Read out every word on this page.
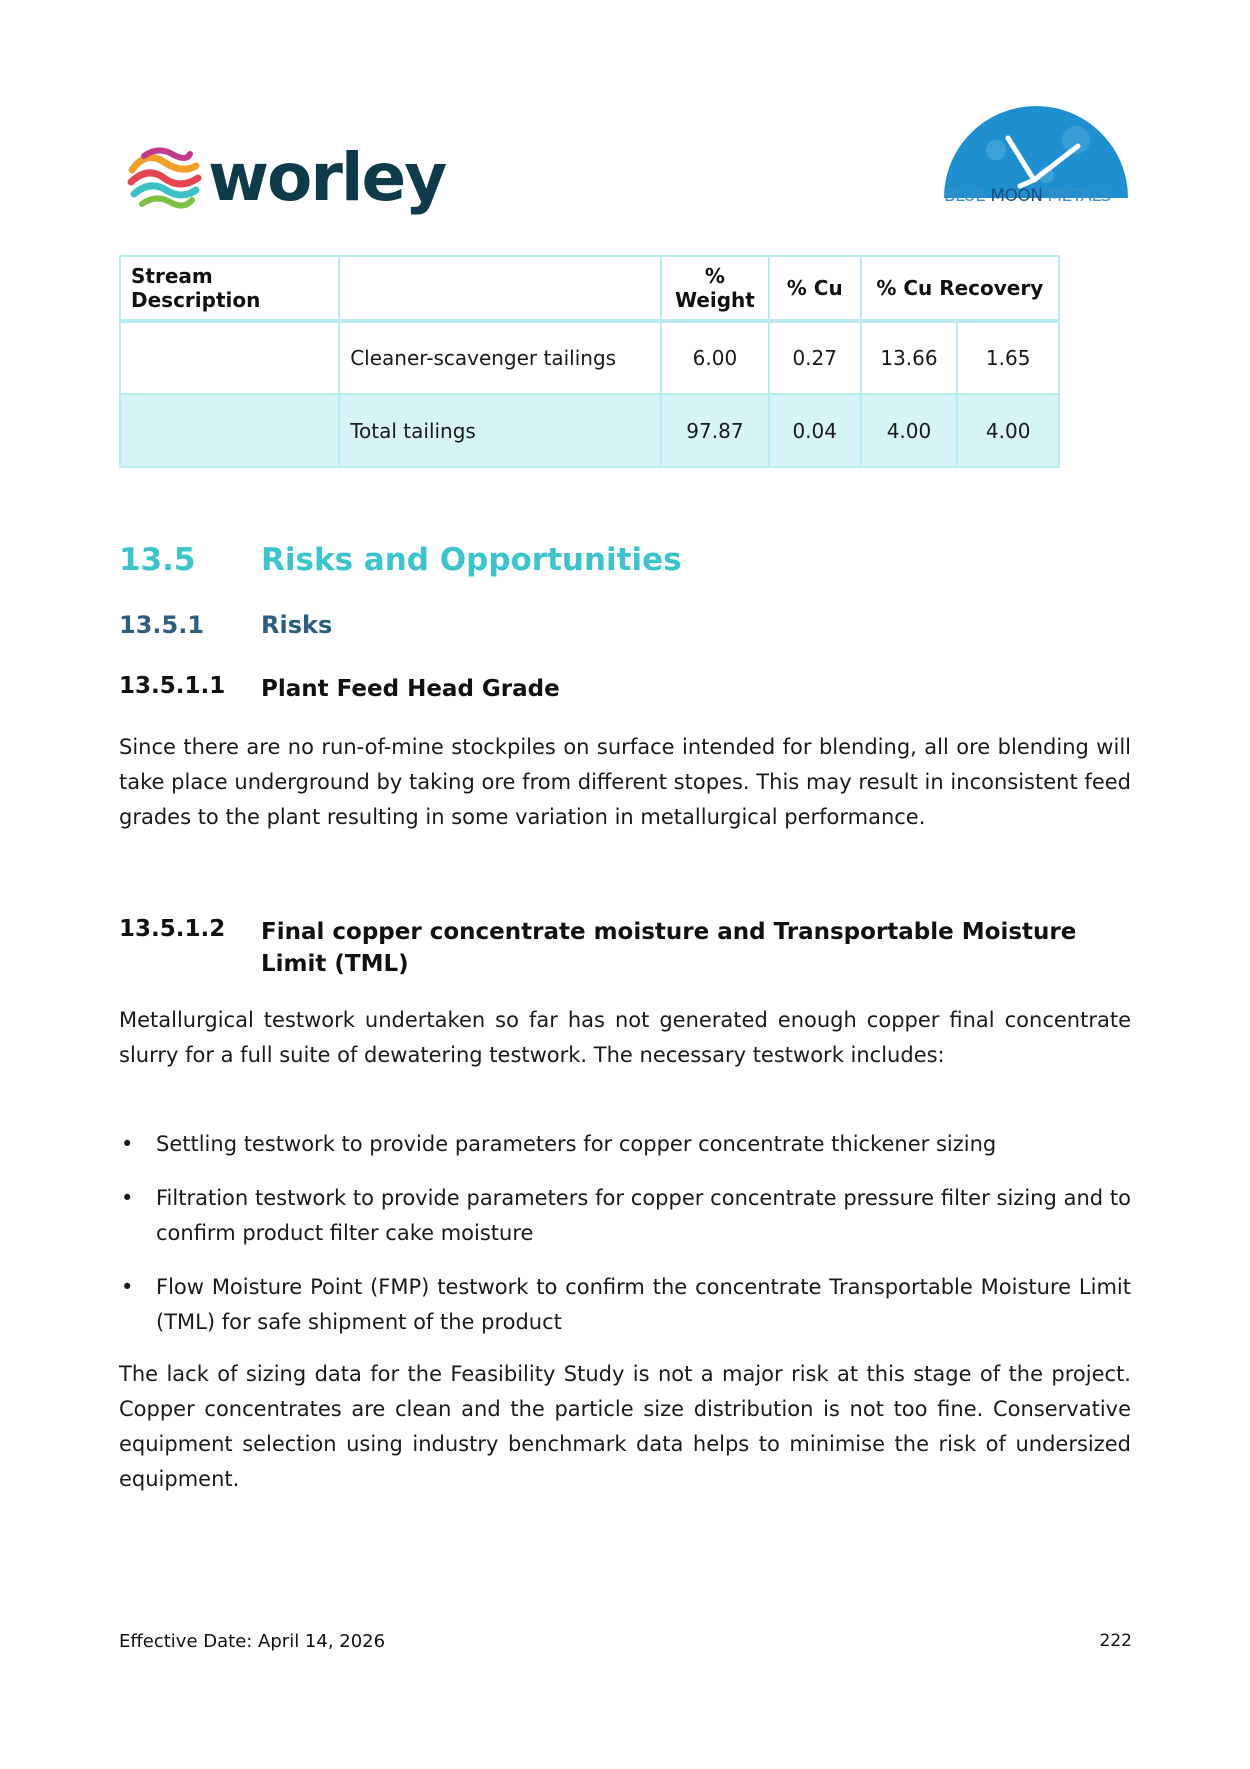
worley	BLUE MOON METALS
Stream Description		% Weight	% Cu	% Cu Recovery	
	Cleaner-scavenger tailings	6.00	0.27	13.66	1.65
	Total tailings	97.87	0.04	4.00	4.00
13.5 Risks and Opportunities
13.5.1 Risks
13.5.1.1 Plant Feed Head Grade
Since there are no run-of-mine stockpiles on surface intended for blending, all ore blending will take place underground by taking ore from different stopes. This may result in inconsistent feed grades to the plant resulting in some variation in metallurgical performance.
13.5.1.2 Final copper concentrate moisture and Transportable Moisture Limit (TML)
Metallurgical testwork undertaken so far has not generated enough copper final concentrate slurry for a full suite of dewatering testwork. The necessary testwork includes:
• Settling testwork to provide parameters for copper concentrate thickener sizing
• Filtration testwork to provide parameters for copper concentrate pressure filter sizing and to confirm product filter cake moisture
• Flow Moisture Point (FMP) testwork to confirm the concentrate Transportable Moisture Limit (TML) for safe shipment of the product
The lack of sizing data for the Feasibility Study is not a major risk at this stage of the project. Copper concentrates are clean and the particle size distribution is not too fine. Conservative equipment selection using industry benchmark data helps to minimise the risk of undersized equipment.
Effective Date: April 14, 2026	222
